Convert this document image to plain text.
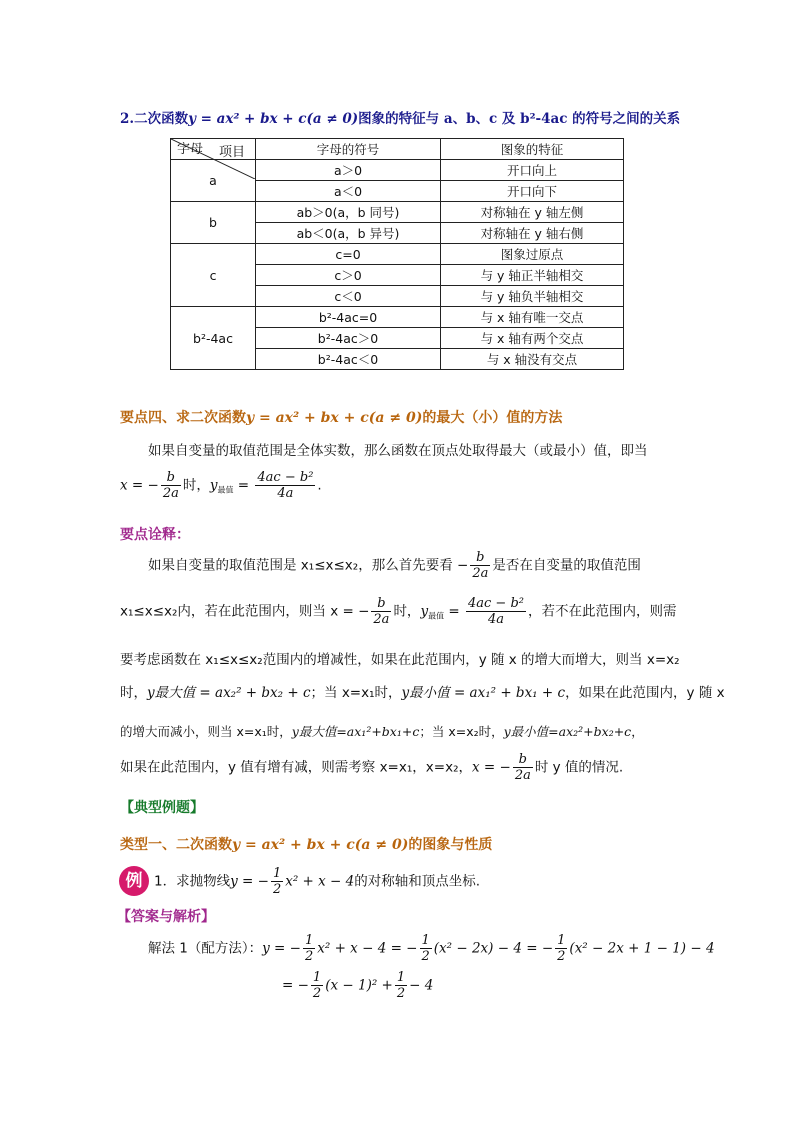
2.二次函数y = ax² + bx + c(a ≠ 0)图象的特征与 a、b、c 及 b²-4ac 的符号之间的关系
项目
字母	字母的符号	图象的特征
a	a＞0	开口向上
	a＜0	开口向下
b	ab＞0(a，b 同号)	对称轴在 y 轴左侧
	ab＜0(a，b 异号)	对称轴在 y 轴右侧
c	c=0	图象过原点
	c＞0	与 y 轴正半轴相交
	c＜0	与 y 轴负半轴相交
b²-4ac	b²-4ac=0	与 x 轴有唯一交点
	b²-4ac＞0	与 x 轴有两个交点
	b²-4ac＜0	与 x 轴没有交点
要点四、求二次函数y = ax² + bx + c(a ≠ 0)的最大（小）值的方法
如果自变量的取值范围是全体实数，那么函数在顶点处取得最大（或最小）值，即当
x = − $\frac{b}{2a}$ 时，$y_{最值} = \frac{\text{4ac − b²}}{4a}$ .
要点诠释：
如果自变量的取值范围是 x₁≤x≤x₂，那么首先要看 − $\frac{b}{2a}$ 是否在自变量的取值范围
x₁≤x≤x₂内，若在此范围内，则当 x = − $\frac{b}{2a}$ 时，$y_{最值} = \frac{\text{4ac − b²}}{4a}$ ，若不在此范围内，则需
要考虑函数在 x₁≤x≤x₂范围内的增减性，如果在此范围内，y 随 x 的增大而增大，则当 x=x₂
时，y最大值 = ax₂² + bx₂ + c；当 x=x₁时，y最小值 = ax₁² + bx₁ + c，如果在此范围内，y 随 x
的增大而减小，则当 x=x₁时，y最大值=ax₁²+bx₁+c；当 x=x₂时，y最小值=ax₂²+bx₂+c，
如果在此范围内，y 值有增有减，则需考察 x=x₁，x=x₂，x = − $\frac{b}{2a}$ 时 y 值的情况.
【典型例题】
类型一、二次函数y = ax² + bx + c(a ≠ 0)的图象与性质
例 1．求抛物线y = − $\frac{1}{2} x^2 + x - 4$的对称轴和顶点坐标.
【答案与解析】
解法 1（配方法）：y = − $\frac{1}{2} x^2 + x - 4$ = − $\frac{1}{2} (x^2 - 2x) - 4$ = − $\frac{1}{2} (x^2 - 2x + 1 - 1) - 4$
= − $\frac{1}{2} (x - 1)^2 + \frac{1}{2} - 4$
